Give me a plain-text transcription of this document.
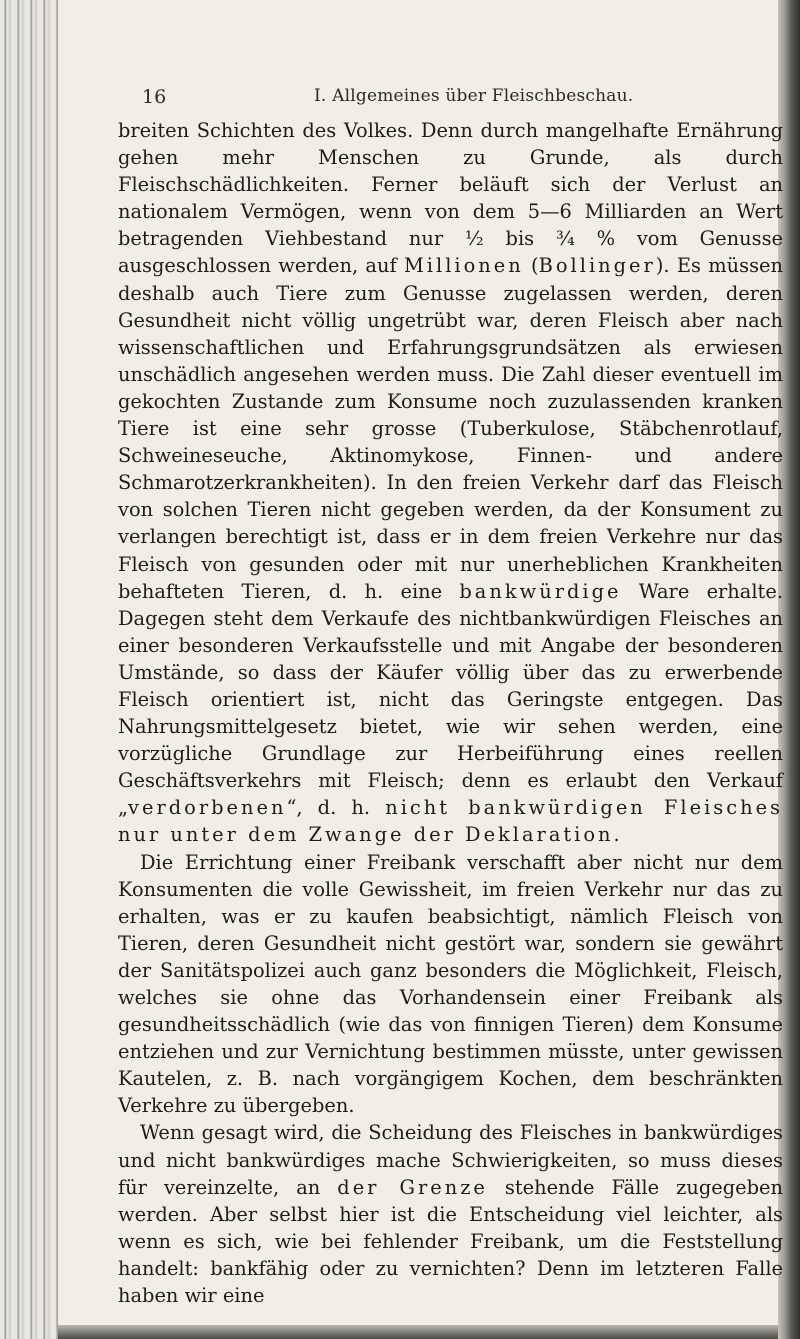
16	I. Allgemeines über Fleischbeschau.

breiten Schichten des Volkes. Denn durch mangelhafte Ernährung gehen mehr Menschen zu Grunde, als durch Fleischschädlichkeiten. Ferner beläuft sich der Verlust an nationalem Vermögen, wenn von dem 5—6 Milliarden an Wert betragenden Viehbestand nur ½ bis ¾ % vom Genusse ausgeschlossen werden, auf Millionen (Bollinger). Es müssen deshalb auch Tiere zum Genusse zugelassen werden, deren Gesundheit nicht völlig ungetrübt war, deren Fleisch aber nach wissenschaftlichen und Erfahrungsgrundsätzen als erwiesen unschädlich angesehen werden muss. Die Zahl dieser eventuell im gekochten Zustande zum Konsume noch zuzulassenden kranken Tiere ist eine sehr grosse (Tuberkulose, Stäbchenrotlauf, Schweineseuche, Aktinomykose, Finnen- und andere Schmarotzerkrankheiten). In den freien Verkehr darf das Fleisch von solchen Tieren nicht gegeben werden, da der Konsument zu verlangen berechtigt ist, dass er in dem freien Verkehre nur das Fleisch von gesunden oder mit nur unerheblichen Krankheiten behafteten Tieren, d. h. eine bankwürdige Ware erhalte. Dagegen steht dem Verkaufe des nichtbankwürdigen Fleisches an einer besonderen Verkaufsstelle und mit Angabe der besonderen Umstände, so dass der Käufer völlig über das zu erwerbende Fleisch orientiert ist, nicht das Geringste entgegen. Das Nahrungsmittelgesetz bietet, wie wir sehen werden, eine vorzügliche Grundlage zur Herbeiführung eines reellen Geschäftsverkehrs mit Fleisch; denn es erlaubt den Verkauf „verdorbenen“, d. h. nicht bankwürdigen Fleisches nur unter dem Zwange der Deklaration.

Die Errichtung einer Freibank verschafft aber nicht nur dem Konsumenten die volle Gewissheit, im freien Verkehr nur das zu erhalten, was er zu kaufen beabsichtigt, nämlich Fleisch von Tieren, deren Gesundheit nicht gestört war, sondern sie gewährt der Sanitätspolizei auch ganz besonders die Möglichkeit, Fleisch, welches sie ohne das Vorhandensein einer Freibank als gesundheitsschädlich (wie das von finnigen Tieren) dem Konsume entziehen und zur Vernichtung bestimmen müsste, unter gewissen Kautelen, z. B. nach vorgängigem Kochen, dem beschränkten Verkehre zu übergeben.

Wenn gesagt wird, die Scheidung des Fleisches in bankwürdiges und nicht bankwürdiges mache Schwierigkeiten, so muss dieses für vereinzelte, an der Grenze stehende Fälle zugegeben werden. Aber selbst hier ist die Entscheidung viel leichter, als wenn es sich, wie bei fehlender Freibank, um die Feststellung handelt: bankfähig oder zu vernichten? Denn im letzteren Falle haben wir eine
